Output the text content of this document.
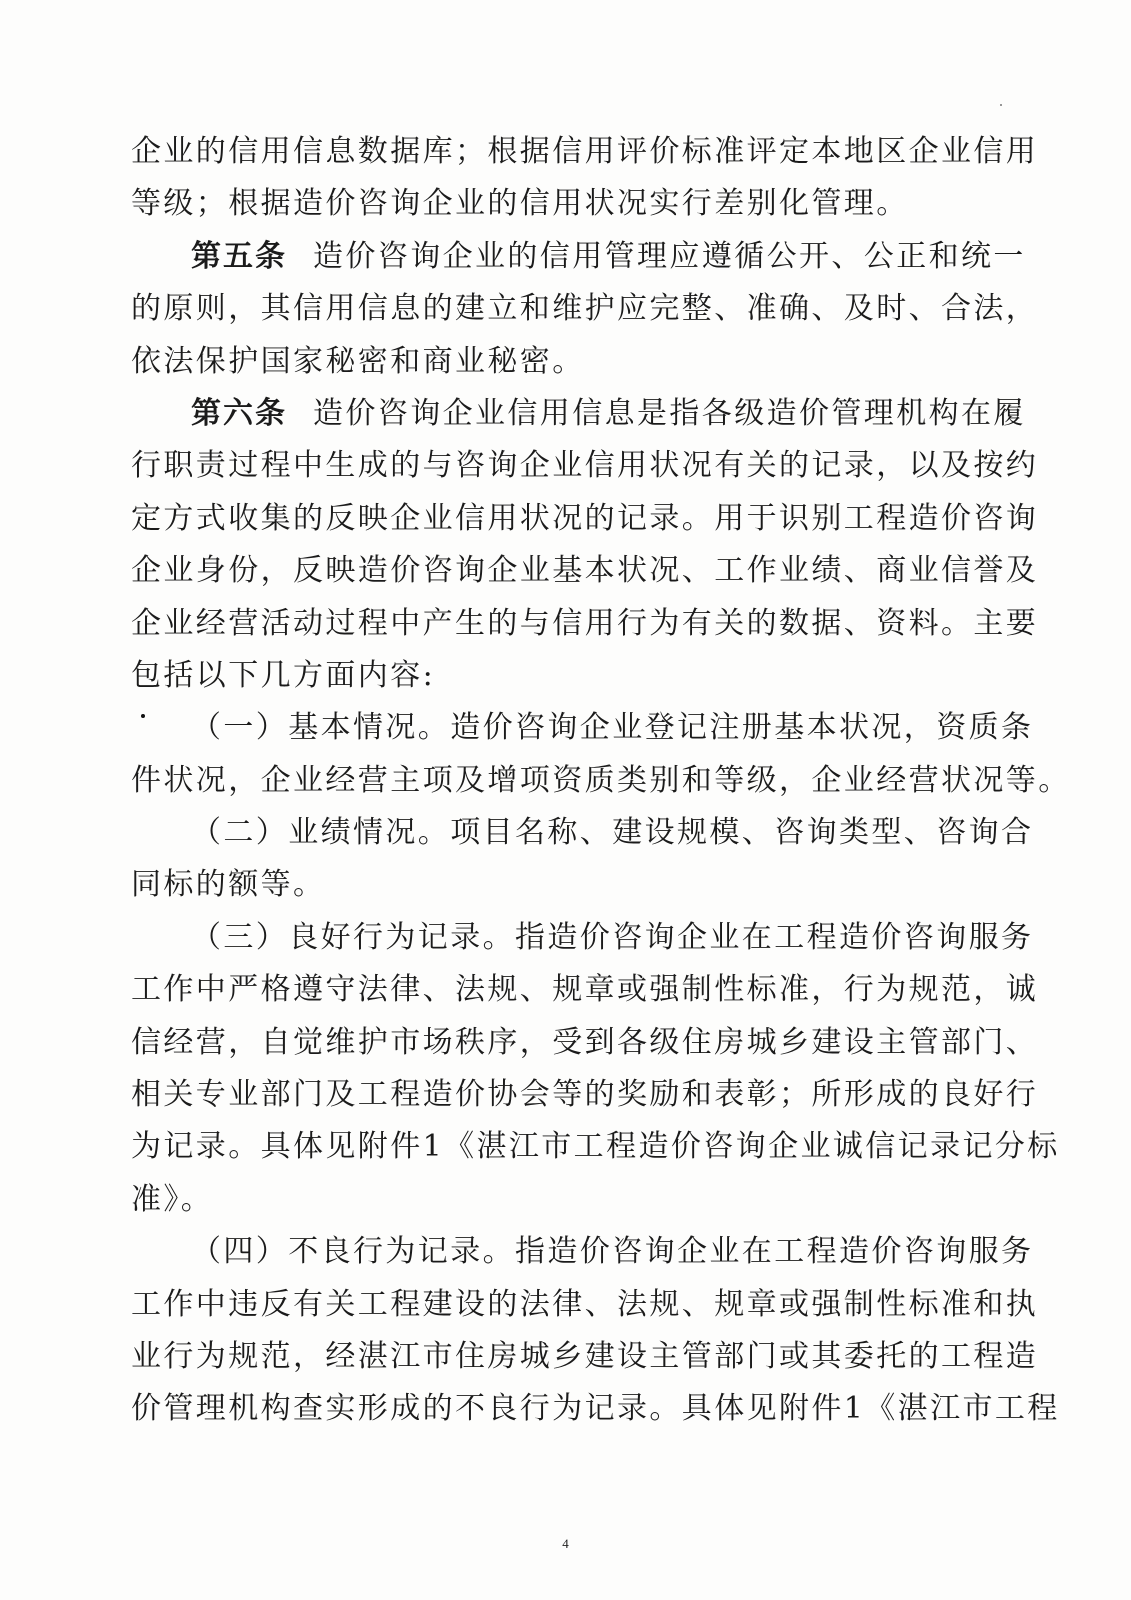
企业的信用信息数据库；根据信用评价标准评定本地区企业信用
等级；根据造价咨询企业的信用状况实行差别化管理。
第五条 造价咨询企业的信用管理应遵循公开、公正和统一
的原则，其信用信息的建立和维护应完整、准确、及时、合法，
依法保护国家秘密和商业秘密。
第六条 造价咨询企业信用信息是指各级造价管理机构在履
行职责过程中生成的与咨询企业信用状况有关的记录，以及按约
定方式收集的反映企业信用状况的记录。用于识别工程造价咨询
企业身份，反映造价咨询企业基本状况、工作业绩、商业信誉及
企业经营活动过程中产生的与信用行为有关的数据、资料。主要
包括以下几方面内容:
（一）基本情况。造价咨询企业登记注册基本状况，资质条
件状况，企业经营主项及增项资质类别和等级，企业经营状况等。
（二）业绩情况。项目名称、建设规模、咨询类型、咨询合
同标的额等。
（三）良好行为记录。指造价咨询企业在工程造价咨询服务
工作中严格遵守法律、法规、规章或强制性标准，行为规范，诚
信经营，自觉维护市场秩序，受到各级住房城乡建设主管部门、
相关专业部门及工程造价协会等的奖励和表彰；所形成的良好行
为记录。具体见附件1《湛江市工程造价咨询企业诚信记录记分标
准》。
（四）不良行为记录。指造价咨询企业在工程造价咨询服务
工作中违反有关工程建设的法律、法规、规章或强制性标准和执
业行为规范，经湛江市住房城乡建设主管部门或其委托的工程造
价管理机构查实形成的不良行为记录。具体见附件1《湛江市工程
4
